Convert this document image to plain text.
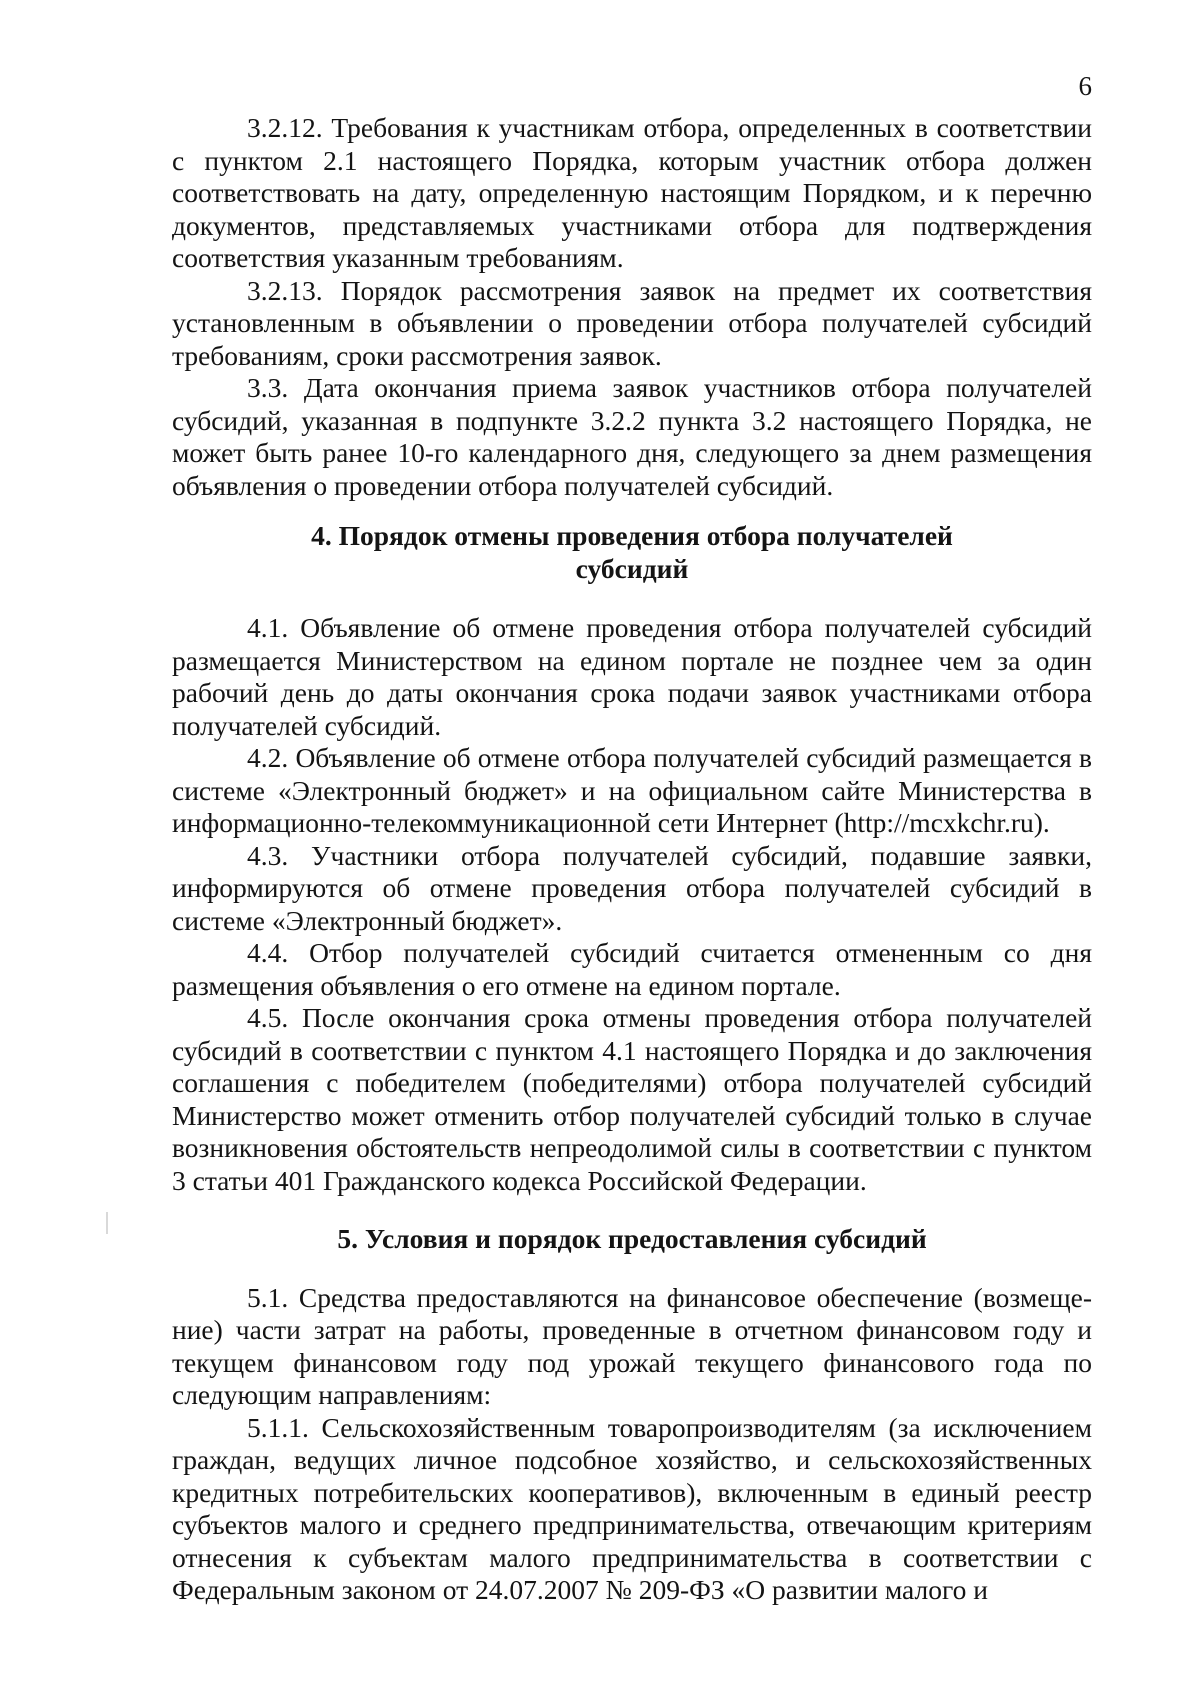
6

3.2.12. Требования к участникам отбора, определенных в соответствии с пунктом 2.1 настоящего Порядка, которым участник отбора должен соответствовать на дату, определенную настоящим Порядком, и к перечню документов, представляемых участниками отбора для подтверждения соответствия указанным требованиям.

3.2.13. Порядок рассмотрения заявок на предмет их соответствия установленным в объявлении о проведении отбора получателей субсидий требованиям, сроки рассмотрения заявок.

3.3. Дата окончания приема заявок участников отбора получателей субсидий, указанная в подпункте 3.2.2 пункта 3.2 настоящего Порядка, не может быть ранее 10-го календарного дня, следующего за днем размещения объявления о проведении отбора получателей субсидий.

4. Порядок отмены проведения отбора получателей
субсидий

4.1. Объявление об отмене проведения отбора получателей субсидий размещается Министерством на едином портале не позднее чем за один рабочий день до даты окончания срока подачи заявок участниками отбора получателей субсидий.

4.2. Объявление об отмене отбора получателей субсидий размещается в системе «Электронный бюджет» и на официальном сайте Министерства в информационно-телекоммуникационной сети Интернет (http://mcxkchr.ru).

4.3. Участники отбора получателей субсидий, подавшие заявки, информируются об отмене проведения отбора получателей субсидий в системе «Электронный бюджет».

4.4. Отбор получателей субсидий считается отмененным со дня размещения объявления о его отмене на едином портале.

4.5. После окончания срока отмены проведения отбора получателей субсидий в соответствии с пунктом 4.1 настоящего Порядка и до заключения соглашения с победителем (победителями) отбора получателей субсидий Министерство может отменить отбор получателей субсидий только в случае возникновения обстоятельств непреодолимой силы в соответствии с пунктом 3 статьи 401 Гражданского кодекса Российской Федерации.

5. Условия и порядок предоставления субсидий

5.1. Средства предоставляются на финансовое обеспечение (возмеще-ние) части затрат на работы, проведенные в отчетном финансовом году и текущем финансовом году под урожай текущего финансового года по следующим направлениям:

5.1.1. Сельскохозяйственным товаропроизводителям (за исключением граждан, ведущих личное подсобное хозяйство, и сельскохозяйственных кредитных потребительских кооперативов), включенным в единый реестр субъектов малого и среднего предпринимательства, отвечающим критериям отнесения к субъектам малого предпринимательства в соответствии с Федеральным законом от 24.07.2007 № 209-ФЗ «О развитии малого и
